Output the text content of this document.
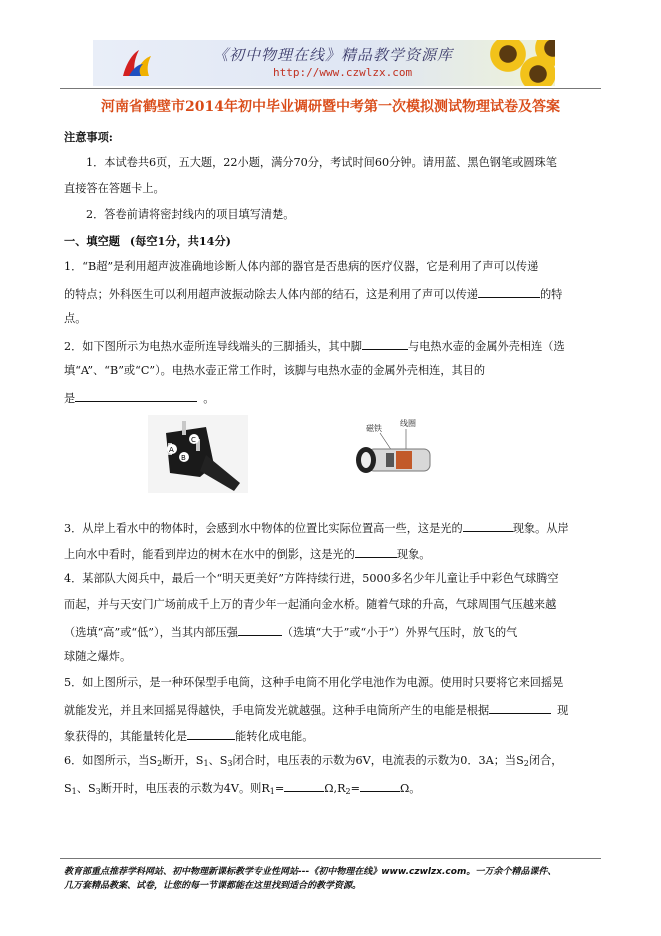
《初中物理在线》精品教学资源库
http://www.czwlzx.com
河南省鹤壁市2014年初中毕业调研暨中考第一次模拟测试物理试卷及答案
注意事项:
1．本试卷共6页，五大题，22小题，满分70分，考试时间60分钟。请用蓝、黑色钢笔或圆珠笔
直接答在答题卡上。
2．答卷前请将密封线内的项目填写清楚。
一、填空题 (每空1分，共14分)
1．“B超”是利用超声波准确地诊断人体内部的器官是否患病的医疗仪器，它是利用了声可以传递
的特点；外科医生可以利用超声波振动除去人体内部的结石，这是利用了声可以传递	的特
点。
2．如下图所示为电热水壶所连导线端头的三脚插头，其中脚	与电热水壶的金属外壳相连（选
填“A”、“B”或“C”）。电热水壶正常工作时，该脚与电热水壶的金属外壳相连，其目的
是	。
A
C
B
磁铁
线圈
3．从岸上看水中的物体时，会感到水中物体的位置比实际位置高一些，这是光的	现象。从岸
上向水中看时，能看到岸边的树木在水中的倒影，这是光的	现象。
4．某部队大阅兵中，最后一个“明天更美好”方阵持续行进，5000多名少年儿童让手中彩色气球腾空
而起，并与天安门广场前成千上万的青少年一起涌向金水桥。随着气球的升高，气球周围气压越来越
（选填“高”或“低”），当其内部压强	（选填“大于”或“小于”）外界气压时，放飞的气
球随之爆炸。
5．如上图所示，是一种环保型手电筒，这种手电筒不用化学电池作为电源。使用时只要将它来回摇晃
就能发光，并且来回摇晃得越快，手电筒发光就越强。这种手电筒所产生的电能是根据	现
象获得的，其能量转化是	能转化成电能。
6．如图所示，当$S_2$断开，$S_1$、$S_3$闭合时，电压表的示数为6V，电流表的示数为0．3A；当$S_2$闭合，
$S_1$、$S_3$断开时，电压表的示数为4V。则$R_1=$	$\Omega,R_2=$	Ω。
教育部重点推荐学科网站、初中物理新课标教学专业性网站---《初中物理在线》www.czwlzx.com。一万余个精品课件、
几万套精品教案、试卷，让您的每一节课都能在这里找到适合的教学资源。
